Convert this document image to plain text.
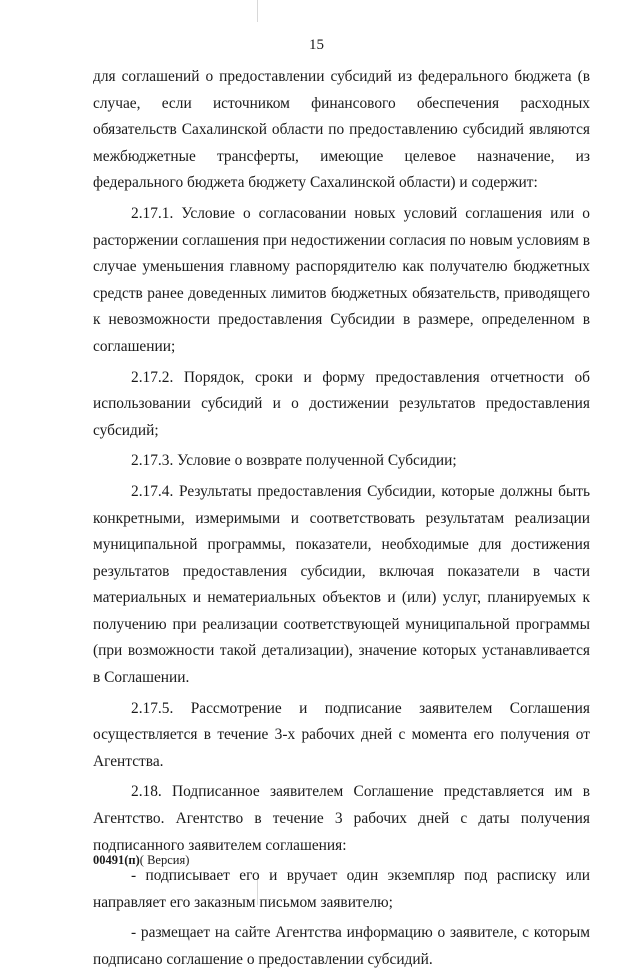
15

для соглашений о предоставлении субсидий из федерального бюджета (в случае, если источником финансового обеспечения расходных обязательств Сахалинской области по предоставлению субсидий являются межбюджетные трансферты, имеющие целевое назначение, из федерального бюджета бюджету Сахалинской области) и содержит:

2.17.1. Условие о согласовании новых условий соглашения или о расторжении соглашения при недостижении согласия по новым условиям в случае уменьшения главному распорядителю как получателю бюджетных средств ранее доведенных лимитов бюджетных обязательств, приводящего к невозможности предоставления Субсидии в размере, определенном в соглашении;

2.17.2. Порядок, сроки и форму предоставления отчетности об использовании субсидий и о достижении результатов предоставления субсидий;

2.17.3. Условие о возврате полученной Субсидии;

2.17.4. Результаты предоставления Субсидии, которые должны быть конкретными, измеримыми и соответствовать результатам реализации муниципальной программы, показатели, необходимые для достижения результатов предоставления субсидии, включая показатели в части материальных и нематериальных объектов и (или) услуг, планируемых к получению при реализации соответствующей муниципальной программы (при возможности такой детализации), значение которых устанавливается в Соглашении.

2.17.5. Рассмотрение и подписание заявителем Соглашения осуществляется в течение 3-х рабочих дней с момента его получения от Агентства.

2.18. Подписанное заявителем Соглашение представляется им в Агентство. Агентство в течение 3 рабочих дней с даты получения подписанного заявителем соглашения:

- подписывает его и вручает один экземпляр под расписку или направляет его заказным письмом заявителю;

- размещает на сайте Агентства информацию о заявителе, с которым подписано соглашение о предоставлении субсидий.

00491(п)( Версия)
